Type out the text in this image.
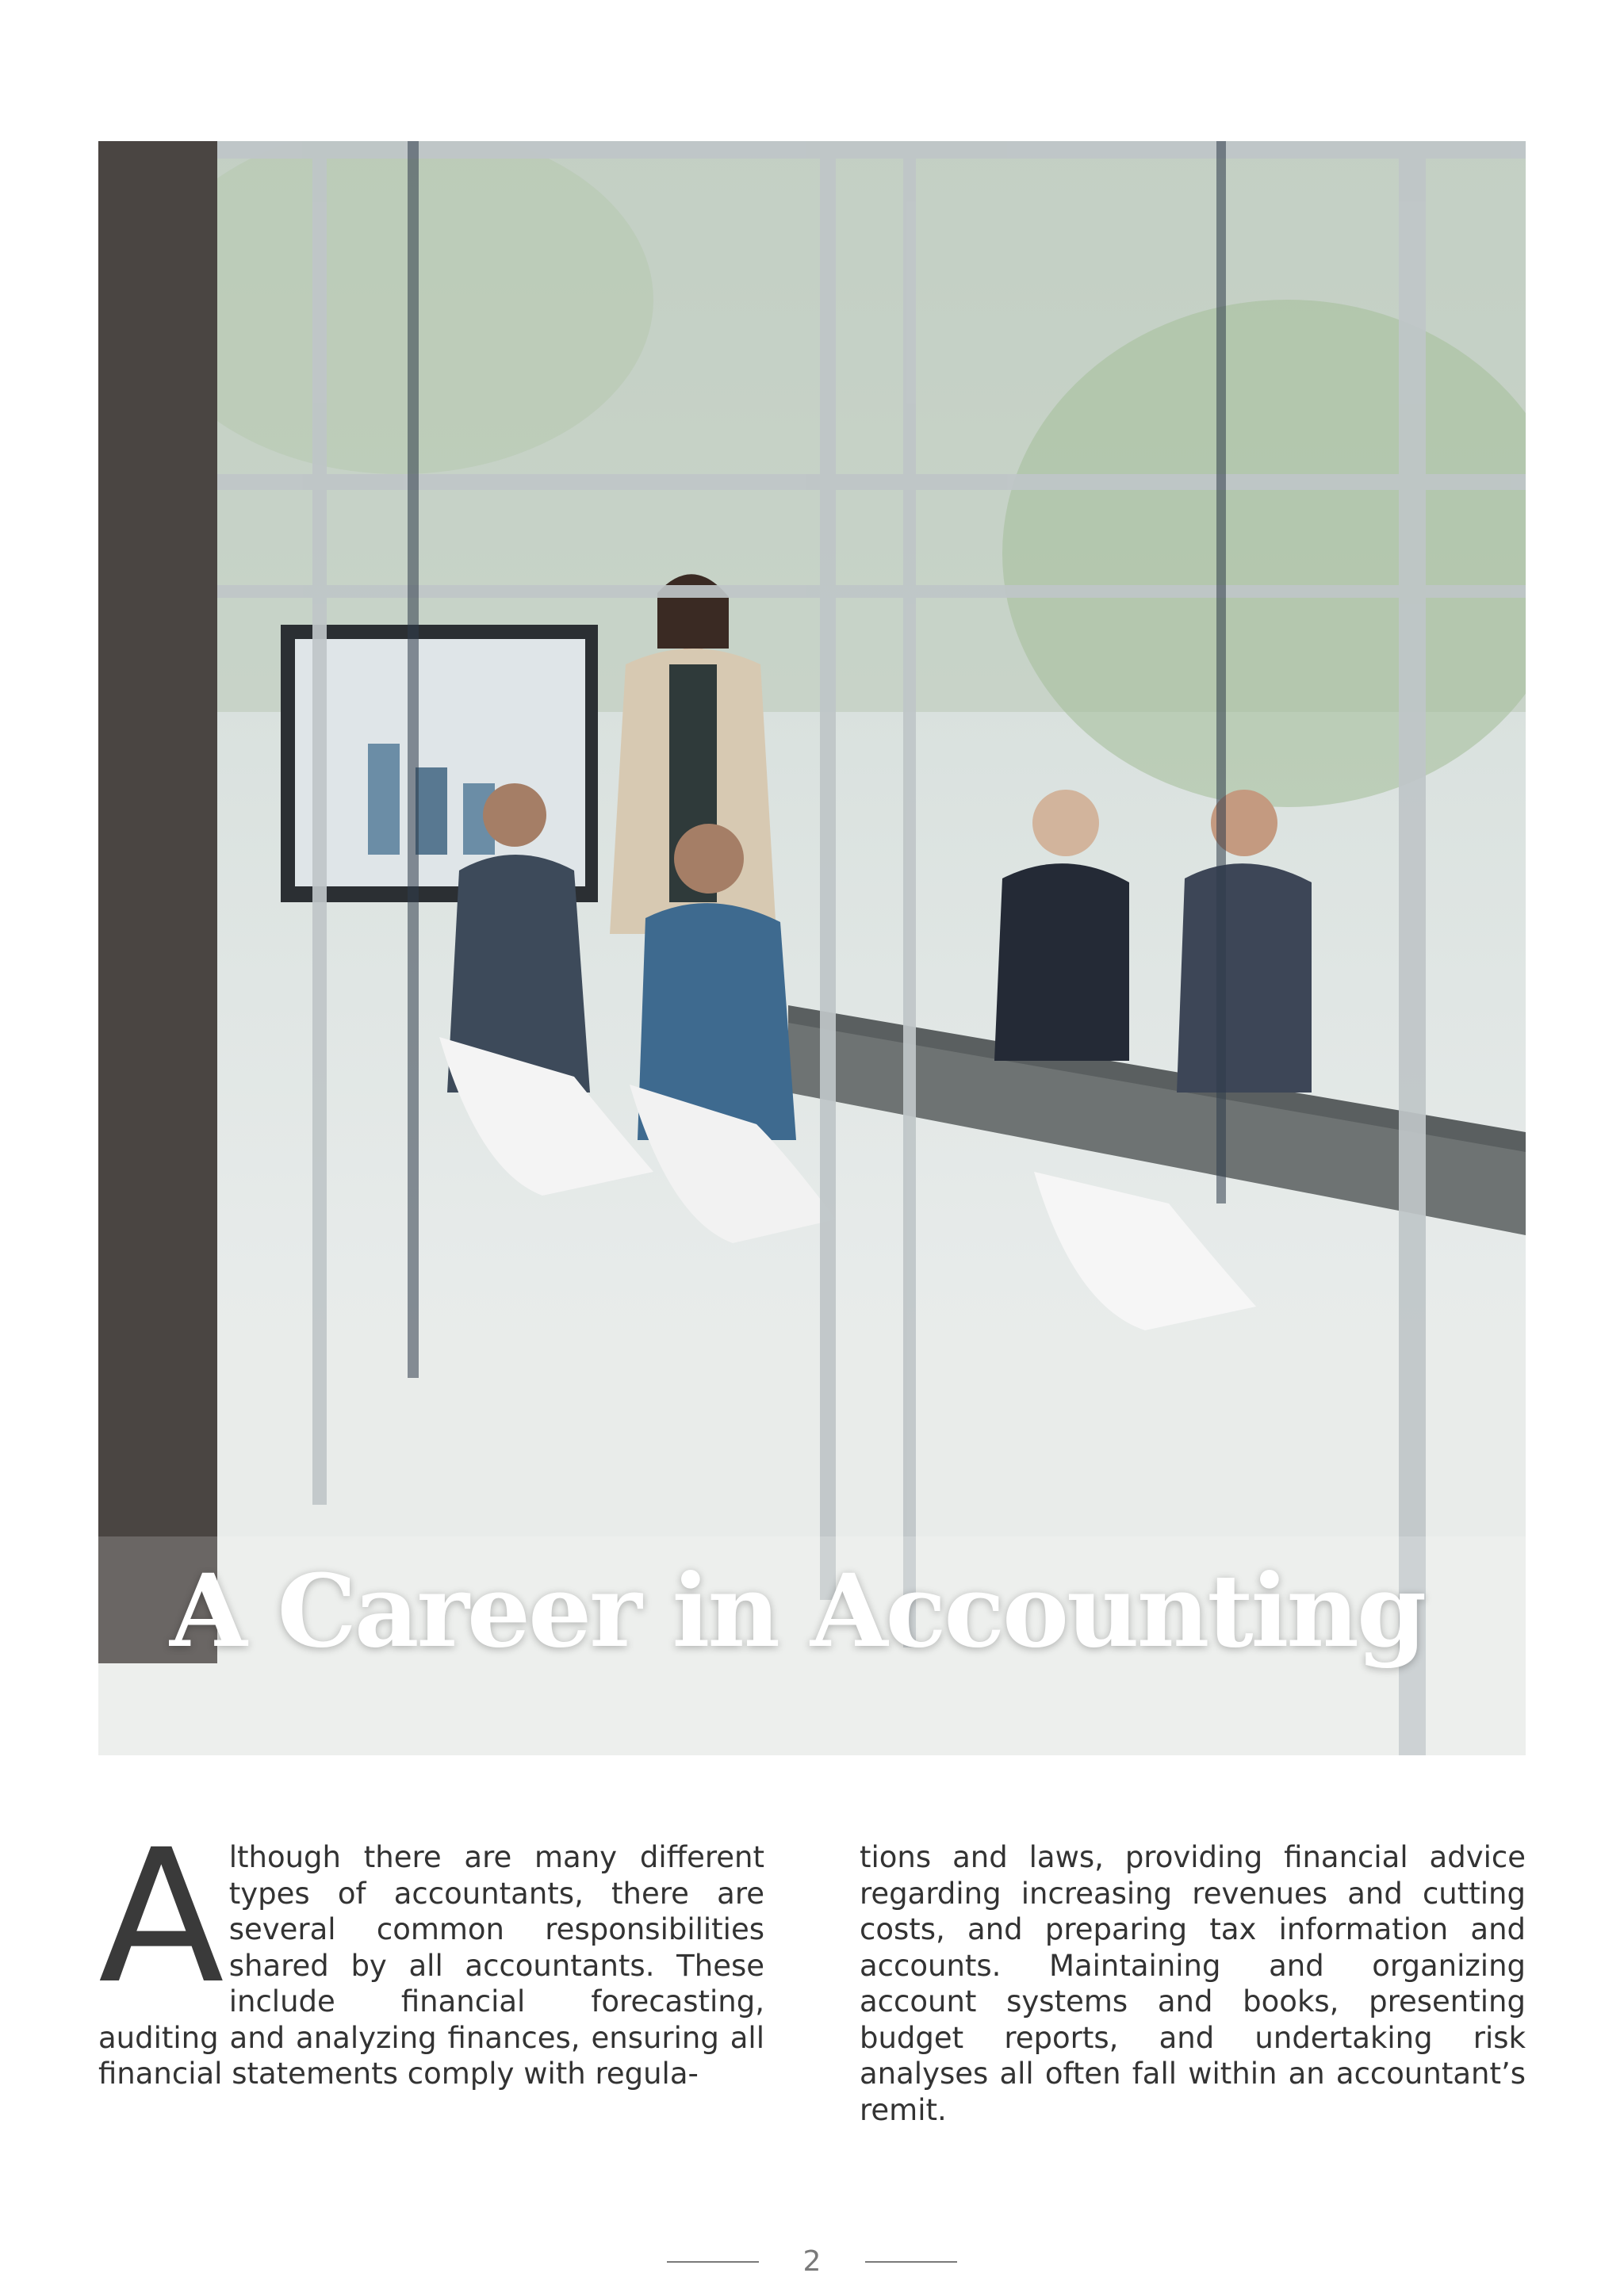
A Career in Accounting
Although there are many different types of accountants, there are several common responsibilities shared by all accountants. These include financial forecasting, auditing and analyzing finances, ensuring all financial statements comply with regula-
tions and laws, providing financial advice regarding increasing revenues and cutting costs, and preparing tax information and accounts. Maintaining and organizing account systems and books, presenting budget reports, and undertaking risk analyses all often fall within an accountant’s remit.
2
